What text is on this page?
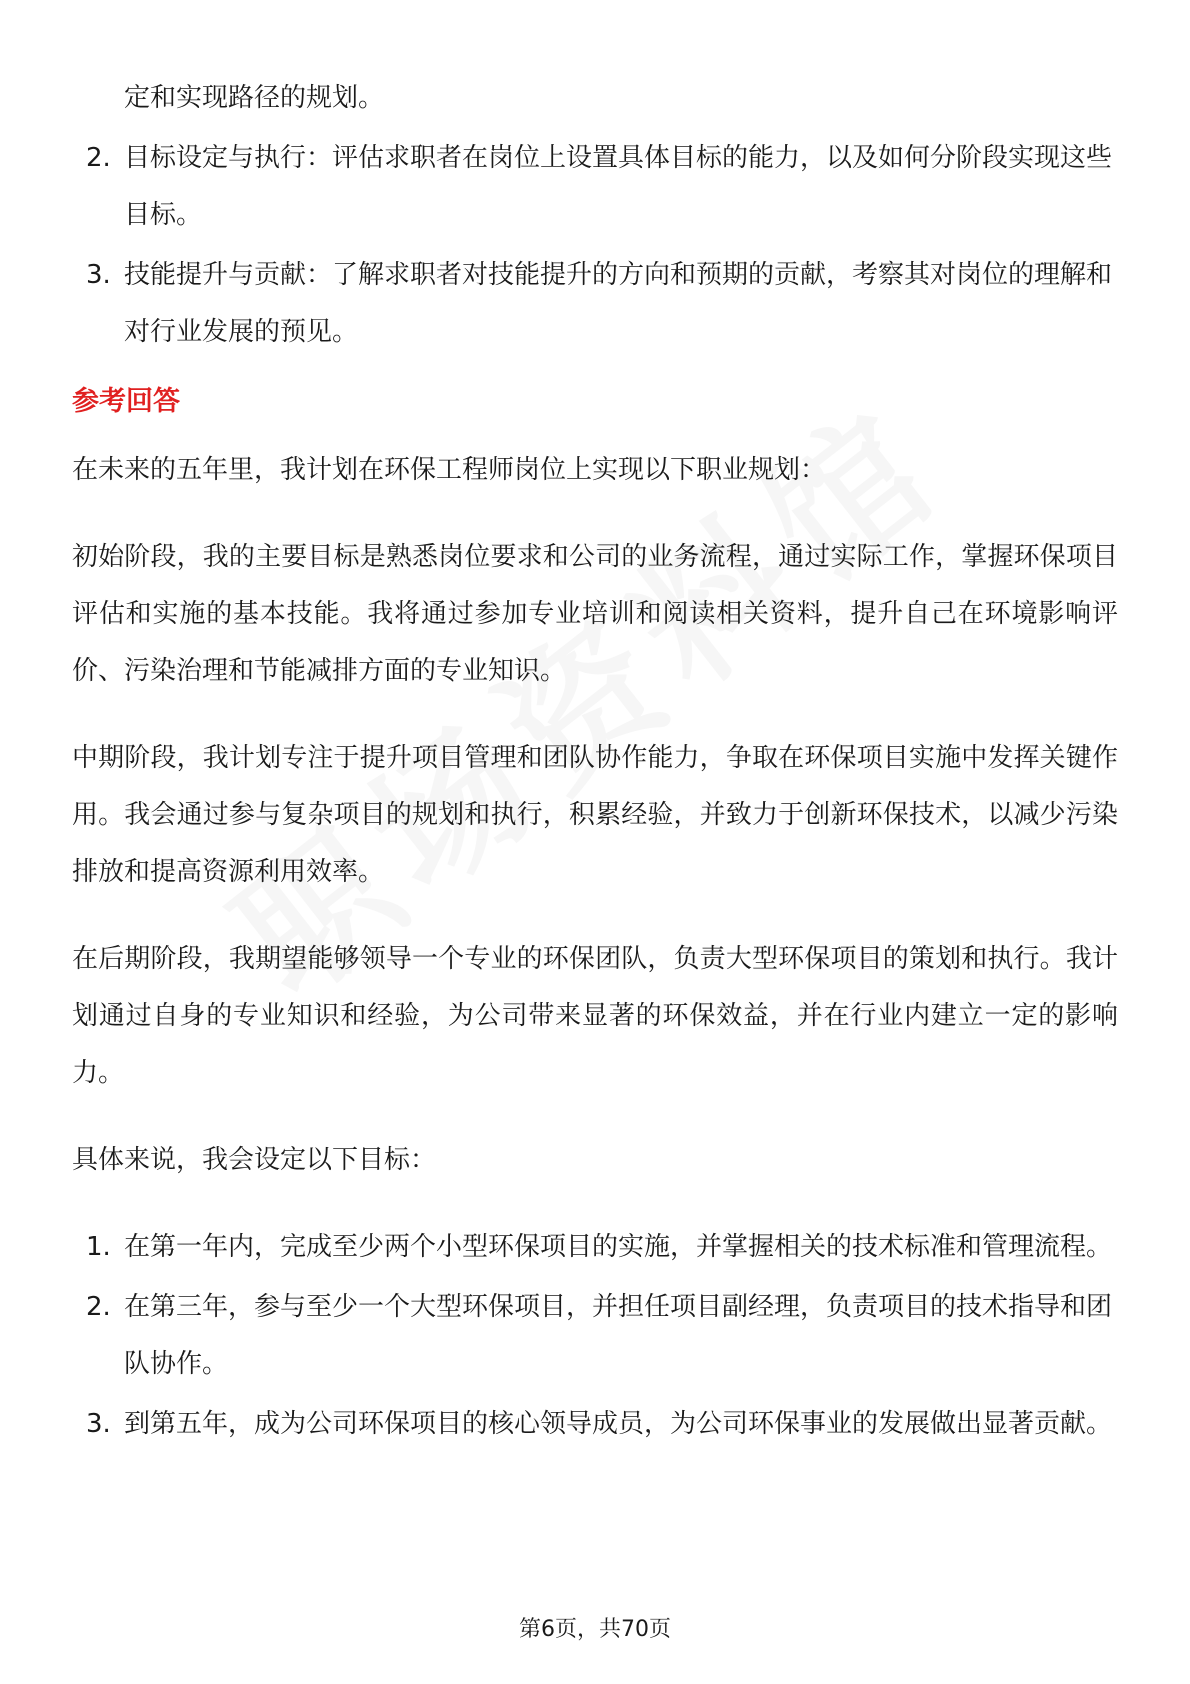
定和实现路径的规划。

2. 目标设定与执行：评估求职者在岗位上设置具体目标的能力，以及如何分阶段实现这些目标。
3. 技能提升与贡献：了解求职者对技能提升的方向和预期的贡献，考察其对岗位的理解和对行业发展的预见。

参考回答

在未来的五年里，我计划在环保工程师岗位上实现以下职业规划：

初始阶段，我的主要目标是熟悉岗位要求和公司的业务流程，通过实际工作，掌握环保项目评估和实施的基本技能。我将通过参加专业培训和阅读相关资料，提升自己在环境影响评价、污染治理和节能减排方面的专业知识。

中期阶段，我计划专注于提升项目管理和团队协作能力，争取在环保项目实施中发挥关键作用。我会通过参与复杂项目的规划和执行，积累经验，并致力于创新环保技术，以减少污染排放和提高资源利用效率。

在后期阶段，我期望能够领导一个专业的环保团队，负责大型环保项目的策划和执行。我计划通过自身的专业知识和经验，为公司带来显著的环保效益，并在行业内建立一定的影响力。

具体来说，我会设定以下目标：

1. 在第一年内，完成至少两个小型环保项目的实施，并掌握相关的技术标准和管理流程。
2. 在第三年，参与至少一个大型环保项目，并担任项目副经理，负责项目的技术指导和团队协作。
3. 到第五年，成为公司环保项目的核心领导成员，为公司环保事业的发展做出显著贡献。
第6页，共70页
